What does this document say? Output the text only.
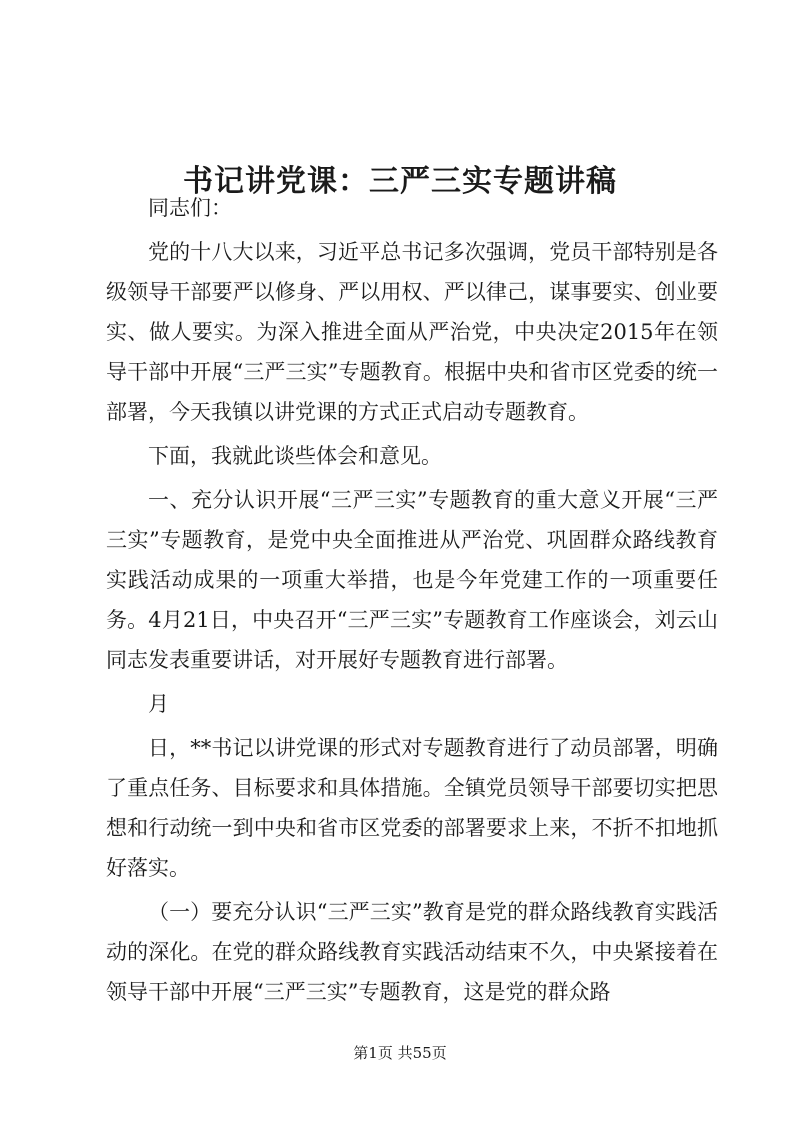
书记讲党课：三严三实专题讲稿

同志们：

党的十八大以来，习近平总书记多次强调，党员干部特别是各级领导干部要严以修身、严以用权、严以律己，谋事要实、创业要实、做人要实。为深入推进全面从严治党，中央决定2015年在领导干部中开展“三严三实”专题教育。根据中央和省市区党委的统一部署，今天我镇以讲党课的方式正式启动专题教育。

下面，我就此谈些体会和意见。

一、充分认识开展“三严三实”专题教育的重大意义开展“三严三实”专题教育，是党中央全面推进从严治党、巩固群众路线教育实践活动成果的一项重大举措，也是今年党建工作的一项重要任务。4月21日，中央召开“三严三实”专题教育工作座谈会，刘云山同志发表重要讲话，对开展好专题教育进行部署。

月

日，**书记以讲党课的形式对专题教育进行了动员部署，明确了重点任务、目标要求和具体措施。全镇党员领导干部要切实把思想和行动统一到中央和省市区党委的部署要求上来，不折不扣地抓好落实。

（一）要充分认识“三严三实”教育是党的群众路线教育实践活动的深化。在党的群众路线教育实践活动结束不久，中央紧接着在领导干部中开展“三严三实”专题教育，这是党的群众路

第1页 共55页
